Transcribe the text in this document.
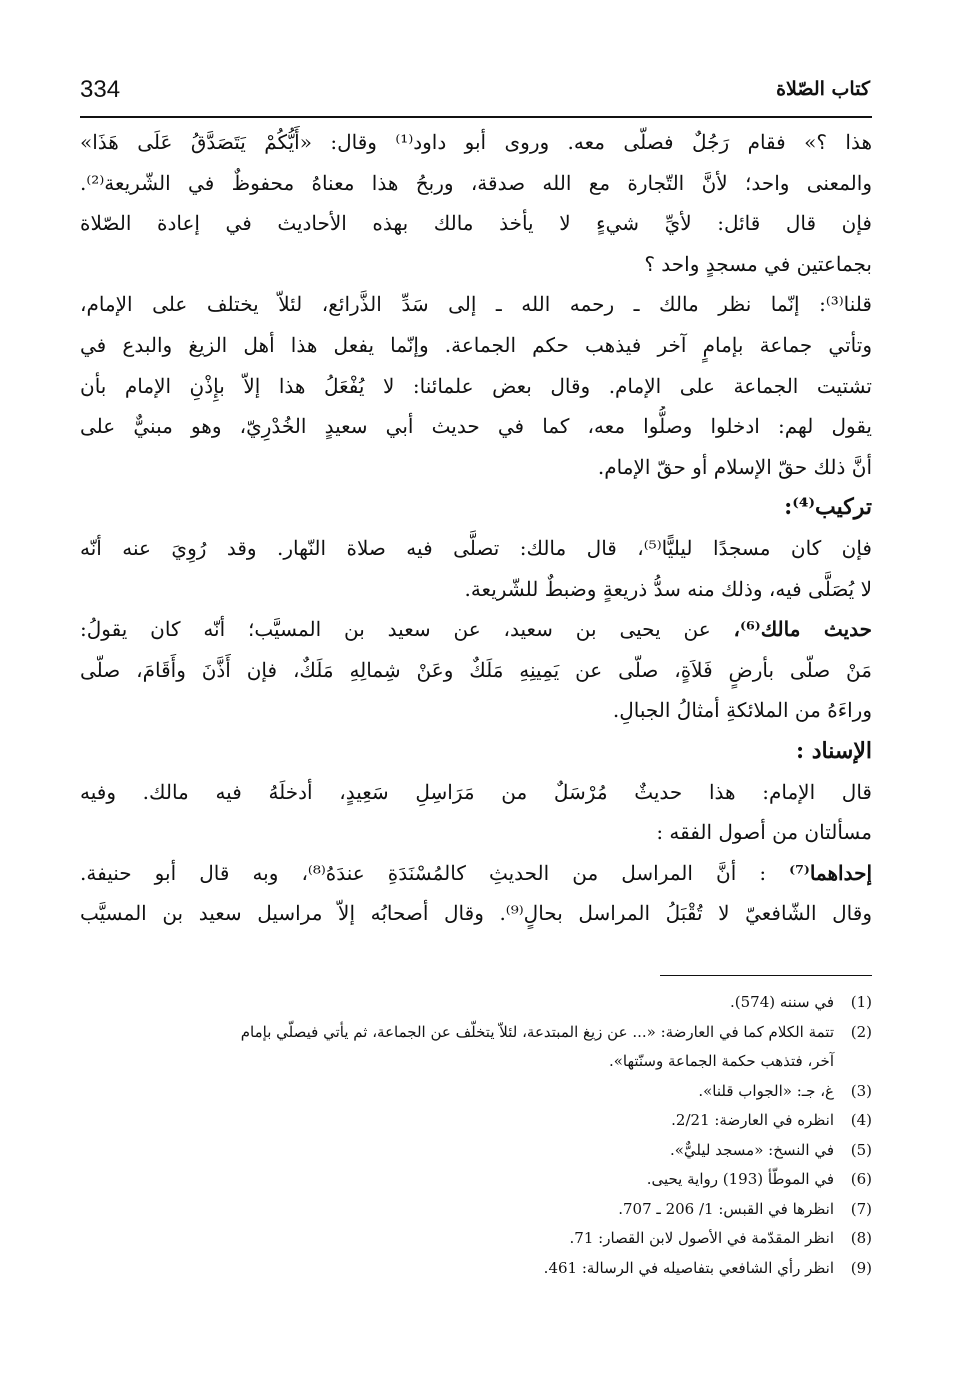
334	كتاب الصّلاة
هذا ؟» فقام رَجُلٌ فصلّى معه. وروى أبو داود⁽¹⁾ وقال: «أَيُّكُمْ يَتَصَدَّقُ عَلَى هَذَا»
والمعنى واحد؛ لأنَّ التّجارة مع الله صدقة، وربحُ هذا معناهُ محفوظٌ في الشّريعة⁽²⁾.
فإن قال قائل: لأيِّ شيءٍ لا يأخذ مالك بهذه الأحاديث في إعادة الصّلاة
بجماعتين في مسجدٍ واحد ؟
قلنا⁽³⁾: إنّما نظر مالك ـ رحمه الله ـ إلى سَدِّ الذَّرائع، لئلاّ يختلف على الإمام،
وتأتي جماعة بإمامٍ آخر فيذهب حكم الجماعة. وإنّما يفعل هذا أهل الزيغ والبدع في
تشتيت الجماعة على الإمام. وقال بعض علمائنا: لا يُفْعَلُ هذا إلاّ بإِذْنِ الإمام بأن
يقول لهم: ادخلوا وصلُّوا معه، كما في حديث أبي سعيدٍ الخُدْرِيّ، وهو مبنيٌّ على
أنَّ ذلك حقّ الإسلام أو حقّ الإمام.
تركيب⁽⁴⁾:
فإن كان مسجدًا ليليًّا⁽⁵⁾، قال مالك: تصلَّى فيه صلاة النّهار. وقد رُوِيَ عنه أنّه
لا يُصَلَّى فيه، وذلك منه سدُّ ذريعةٍ وضبطٌ للشّريعة.
حديث مالك⁽⁶⁾، عن يحيى بن سعيد، عن سعيد بن المسيَّب؛ أنّه كان يقولُ:
مَنْ صلّى بأرضٍ فَلاَةٍ، صلّى عن يَمِينِهِ مَلَكٌ وعَنْ شِمالِهِ مَلَكٌ، فإن أَذَّنَ وأَقَامَ، صلّى
وراءَهُ من الملائكةِ أمثالُ الجبالِ.
الإسناد :
قال الإمام: هذا حديثٌ مُرْسَلٌ من مَرَاسِلِ سَعِيدٍ، أدخلَهُ فيه مالك. وفيه
مسألتان من أصول الفقه :
إحداهما⁽⁷⁾ : أنَّ المراسل من الحديثِ كالمُسْنَدَةِ عندَهُ⁽⁸⁾، وبه قال أبو حنيفة.
وقال الشّافعيّ لا تُقْبَلُ المراسل بحالٍ⁽⁹⁾. وقال أصحابُه إلاّ مراسيل سعيد بن المسيَّب
(1)
في سننه (574).
(2)
تتمة الكلام كما في العارضة: «... عن زيغ المبتدعة، لئلاّ يتخلّف عن الجماعة، ثم يأتي فيصلّي بإمام
آخر، فتذهب حكمة الجماعة وسنّتها».
(3)
غ، جـ: «الجواب قلنا».
(4)
انظره في العارضة: 2/21.
(5)
في النسخ: «مسجد ليليٌّ».
(6)
في الموطّأ (193) رواية يحيى.
(7)
انظرها في القبس: 1/ 206 ـ 707.
(8)
انظر المقدّمة في الأصول لابن القصار: 71.
(9)
انظر رأي الشافعي بتفاصيله في الرسالة: 461.
